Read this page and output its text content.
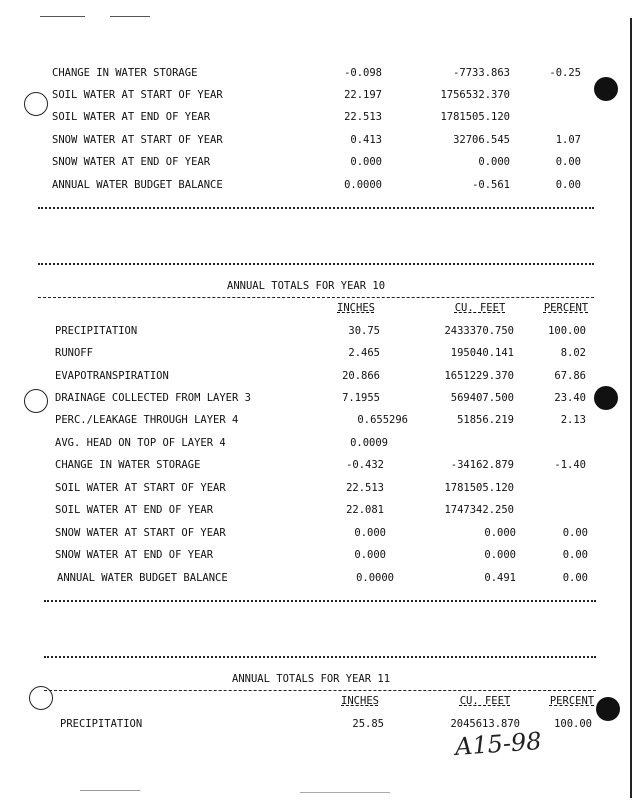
CHANGE IN WATER STORAGE	-0.098	-7733.863	-0.25
SOIL WATER AT START OF YEAR	22.197	1756532.370
SOIL WATER AT END OF YEAR	22.513	1781505.120
SNOW WATER AT START OF YEAR	0.413	32706.545	1.07
SNOW WATER AT END OF YEAR	0.000	0.000	0.00
ANNUAL WATER BUDGET BALANCE	0.0000	-0.561	0.00
ANNUAL TOTALS FOR YEAR 10
INCHES	CU. FEET	PERCENT
PRECIPITATION	30.75	2433370.750	100.00
RUNOFF	2.465	195040.141	8.02
EVAPOTRANSPIRATION	20.866	1651229.370	67.86
DRAINAGE COLLECTED FROM LAYER 3	7.1955	569407.500	23.40
PERC./LEAKAGE THROUGH LAYER 4	0.655296	51856.219	2.13
AVG. HEAD ON TOP OF LAYER 4	0.0009
CHANGE IN WATER STORAGE	-0.432	-34162.879	-1.40
SOIL WATER AT START OF YEAR	22.513	1781505.120
SOIL WATER AT END OF YEAR	22.081	1747342.250
SNOW WATER AT START OF YEAR	0.000	0.000	0.00
SNOW WATER AT END OF YEAR	0.000	0.000	0.00
ANNUAL WATER BUDGET BALANCE	0.0000	0.491	0.00
ANNUAL TOTALS FOR YEAR 11
INCHES	CU. FEET	PERCENT
PRECIPITATION	25.85	2045613.870	100.00
A15-98
